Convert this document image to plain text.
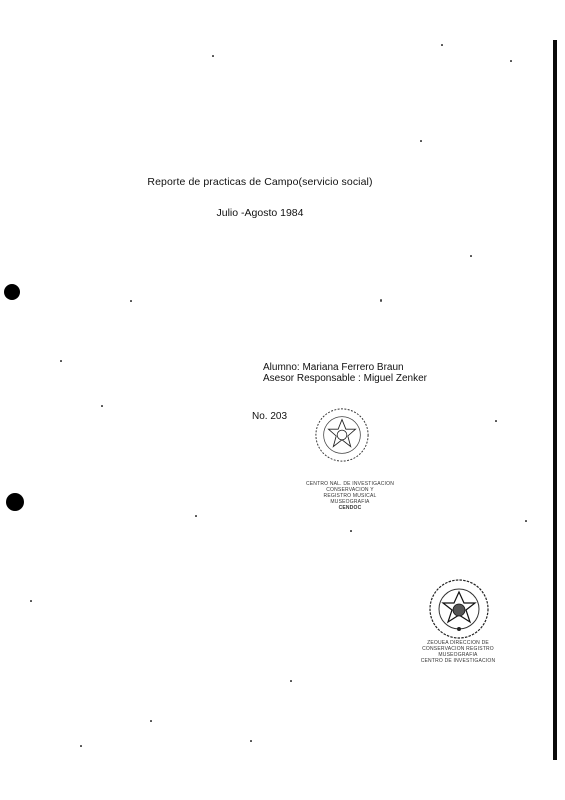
Reporte de practicas de Campo(servicio social)
Julio -Agosto 1984
Alumno: Mariana Ferrero Braun
Asesor Responsable : Miguel Zenker
No. 203
CENTRO NAL. DE INVESTIGACION
CONSERVACION Y
REGISTRO MUSICAL
MUSEOGRAFIA
CENDOC
ZEOUEA DIRECCION DE
CONSERVACION REGISTRO
MUSEOGRAFIA
CENTRO DE INVESTIGACION
